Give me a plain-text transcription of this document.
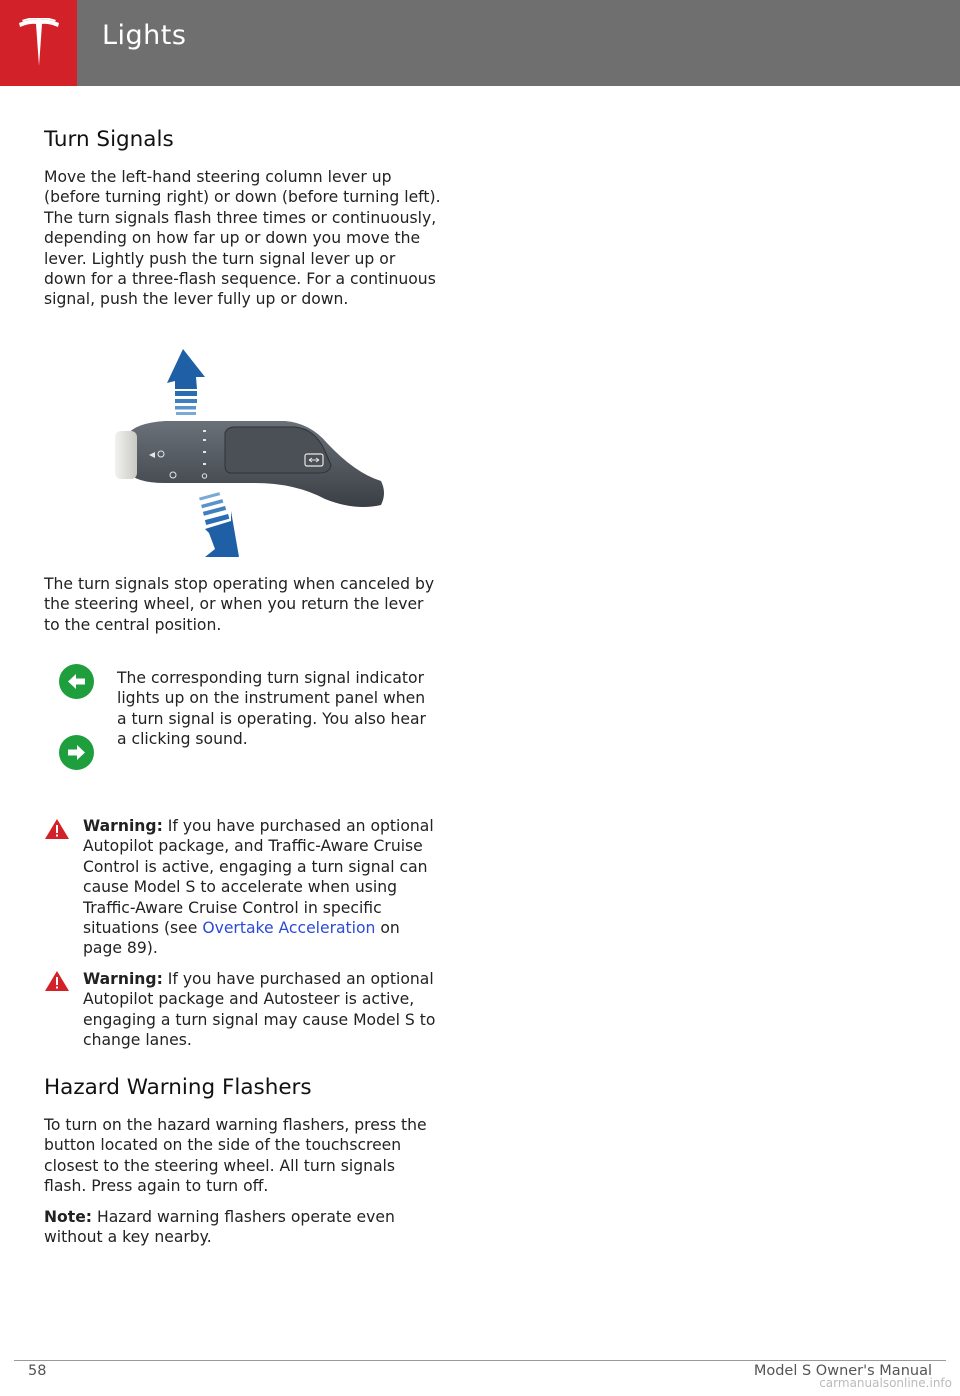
Lights
Turn Signals

Move the left-hand steering column lever up (before turning right) or down (before turning left). The turn signals flash three times or continuously, depending on how far up or down you move the lever. Lightly push the turn signal lever up or down for a three-flash sequence. For a continuous signal, push the lever fully up or down.

The turn signals stop operating when canceled by the steering wheel, or when you return the lever to the central position.

The corresponding turn signal indicator lights up on the instrument panel when a turn signal is operating. You also hear a clicking sound.

Warning: If you have purchased an optional Autopilot package, and Traffic-Aware Cruise Control is active, engaging a turn signal can cause Model S to accelerate when using Traffic-Aware Cruise Control in specific situations (see Overtake Acceleration on page 89).

Warning: If you have purchased an optional Autopilot package and Autosteer is active, engaging a turn signal may cause Model S to change lanes.

Hazard Warning Flashers

To turn on the hazard warning flashers, press the button located on the side of the touchscreen closest to the steering wheel. All turn signals flash. Press again to turn off.

Note: Hazard warning flashers operate even without a key nearby.

58	Model S Owner's Manual
carmanualsonline.info
